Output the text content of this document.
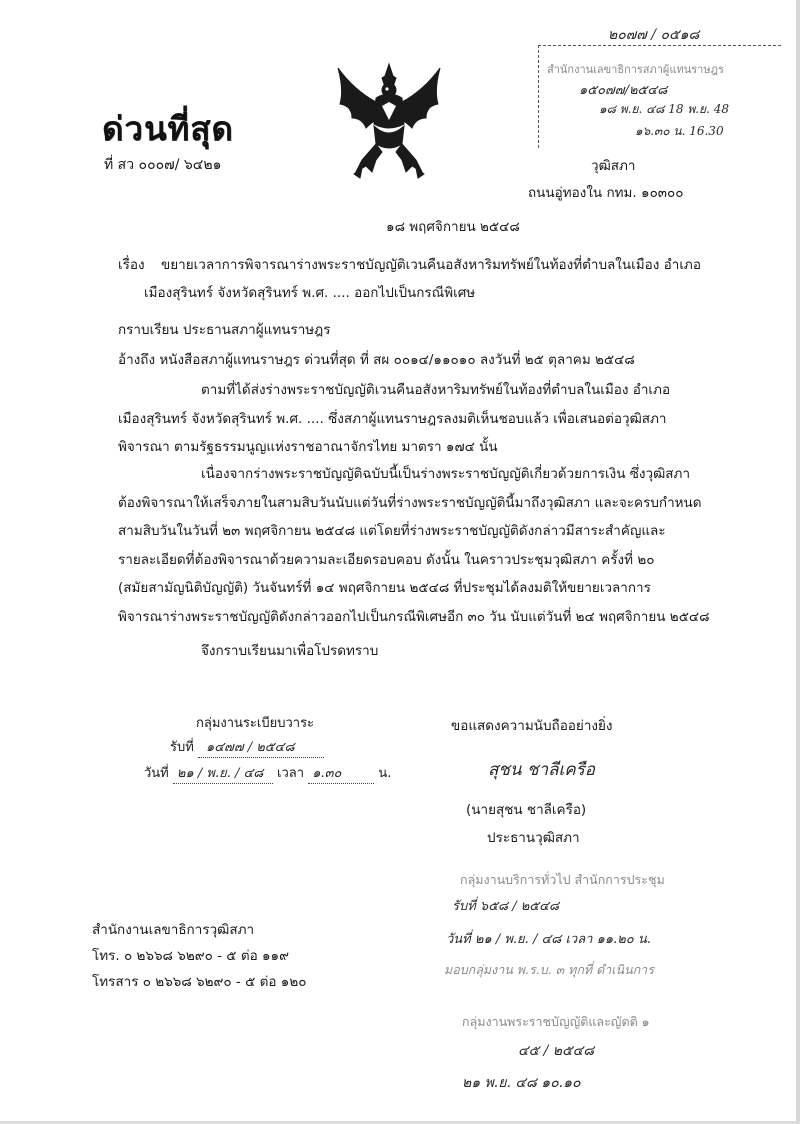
๒๐๗๗ / ๐๕๑๘
สำนักงานเลขาธิการสภาผู้แทนราษฎร
๑๕๐๗๗/๒๕๔๘
๑๘ พ.ย. ๔๘ 18 พ.ย. 48
๑๖.๓๐ น. 16.30
ด่วนที่สุด
ที่ สว ๐๐๐๗/ ๖๔๒๑	วุฒิสภา
ถนนอู่ทองใน กทม. ๑๐๓๐๐
๑๘ พฤศจิกายน ๒๕๔๘
เรื่อง ขยายเวลาการพิจารณาร่างพระราชบัญญัติเวนคืนอสังหาริมทรัพย์ในท้องที่ตำบลในเมือง อำเภอ
เมืองสุรินทร์ จังหวัดสุรินทร์ พ.ศ. .... ออกไปเป็นกรณีพิเศษ
กราบเรียน ประธานสภาผู้แทนราษฎร
อ้างถึง หนังสือสภาผู้แทนราษฎร ด่วนที่สุด ที่ สผ ๐๐๑๔/๑๑๐๑๐ ลงวันที่ ๒๕ ตุลาคม ๒๕๔๘
ตามที่ได้ส่งร่างพระราชบัญญัติเวนคืนอสังหาริมทรัพย์ในท้องที่ตำบลในเมือง อำเภอ
เมืองสุรินทร์ จังหวัดสุรินทร์ พ.ศ. .... ซึ่งสภาผู้แทนราษฎรลงมติเห็นชอบแล้ว เพื่อเสนอต่อวุฒิสภา
พิจารณา ตามรัฐธรรมนูญแห่งราชอาณาจักรไทย มาตรา ๑๗๔ นั้น
เนื่องจากร่างพระราชบัญญัติฉบับนี้เป็นร่างพระราชบัญญัติเกี่ยวด้วยการเงิน ซึ่งวุฒิสภา
ต้องพิจารณาให้เสร็จภายในสามสิบวันนับแต่วันที่ร่างพระราชบัญญัตินี้มาถึงวุฒิสภา และจะครบกำหนด
สามสิบวันในวันที่ ๒๓ พฤศจิกายน ๒๕๔๘ แต่โดยที่ร่างพระราชบัญญัติดังกล่าวมีสาระสำคัญและ
รายละเอียดที่ต้องพิจารณาด้วยความละเอียดรอบคอบ ดังนั้น ในคราวประชุมวุฒิสภา ครั้งที่ ๒๐
(สมัยสามัญนิติบัญญัติ) วันจันทร์ที่ ๑๔ พฤศจิกายน ๒๕๔๘ ที่ประชุมได้ลงมติให้ขยายเวลาการ
พิจารณาร่างพระราชบัญญัติดังกล่าวออกไปเป็นกรณีพิเศษอีก ๓๐ วัน นับแต่วันที่ ๒๔ พฤศจิกายน ๒๕๔๘
จึงกราบเรียนมาเพื่อโปรดทราบ
กลุ่มงานระเบียบวาระ
รับที่ ๑๔๗๗ / ๒๕๔๘
วันที่ ๒๑ / พ.ย. / ๔๘ เวลา ๑.๓๐	น.
ขอแสดงความนับถืออย่างยิ่ง
สุชน ชาลีเครือ
(นายสุชน ชาลีเครือ)
ประธานวุฒิสภา
กลุ่มงานบริการทั่วไป สำนักการประชุม
รับที่ ๖๕๘ / ๒๕๔๘
วันที่ ๒๑ / พ.ย. / ๔๘ เวลา ๑๑.๒๐ น.
มอบกลุ่มงาน พ.ร.บ. ๓ ทุกที่ ดำเนินการ
กลุ่มงานพระราชบัญญัติและญัตติ ๑
๔๕ / ๒๕๔๘
๒๑ พ.ย. ๔๘ ๑๐.๑๐
สำนักงานเลขาธิการวุฒิสภา
โทร. ๐ ๒๖๖๘ ๖๒๙๐ - ๕ ต่อ ๑๑๙
โทรสาร ๐ ๒๖๖๘ ๖๒๙๐ - ๕ ต่อ ๑๒๐
